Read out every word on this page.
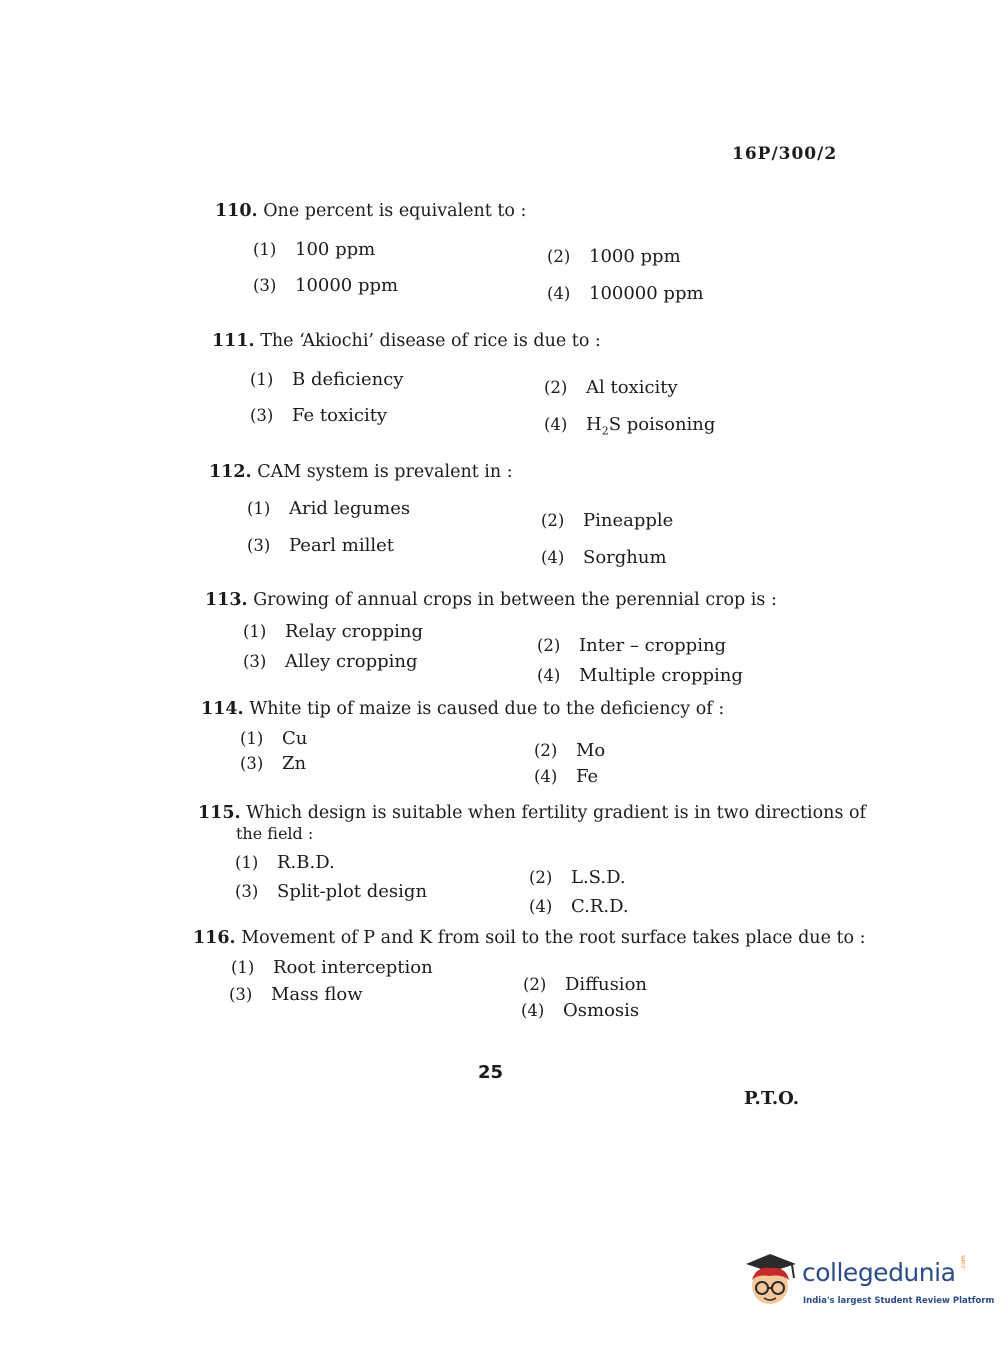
16P/300/2
110. One percent is equivalent to :
(1) 100 ppm	(2) 1000 ppm
(3) 10000 ppm	(4) 100000 ppm
111. The ‘Akiochi’ disease of rice is due to :
(1) B deficiency	(2) Al toxicity
(3) Fe toxicity	(4) $H_2S$ poisoning
112. CAM system is prevalent in :
(1) Arid legumes
(2) Pineapple
(3) Pearl millet
(4) Sorghum
113. Growing of annual crops in between the perennial crop is :
(1) Relay cropping
(2) Inter – cropping
(3) Alley cropping
(4) Multiple cropping
114. White tip of maize is caused due to the deficiency of :
(1) Cu
(2) Mo
(3) Zn
(4) Fe
115. Which design is suitable when fertility gradient is in two directions of
the field :
(1) R.B.D.
(2) L.S.D.
(3) Split-plot design
(4) C.R.D.
116. Movement of P and K from soil to the root surface takes place due to :
(1) Root interception
(2) Diffusion
(3) Mass flow
(4) Osmosis
25
P.T.O.
collegedunia .com
India's largest Student Review Platform
